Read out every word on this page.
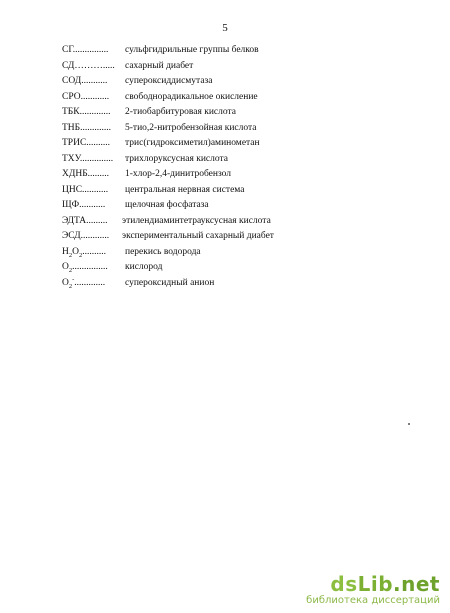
5
СГ............... сульфгидрильные группы белков
СД………..... сахарный диабет
СОД........... супероксиддисмутаза
СРО............ свободнорадикальное окисление
ТБК............. 2-тиобарбитуровая кислота
ТНБ............. 5-тио,2-нитробензойная кислота
ТРИС.......... трис(гидроксиметил)аминометан
ТХУ.............. трихлоруксусная кислота
ХДНБ......... 1-хлор-2,4-динитробензол
ЦНС........... центральная нервная система
ЩФ........... щелочная фосфатаза
ЭДТА......... этилендиаминтетрауксусная кислота
ЭСД............ экспериментальный сахарный диабет
$H_2O_2$.......... перекись водорода
$O_2$............... кислород
$O_2^-$............. супероксидный анион
dsLib.net
библиотека диссертаций
